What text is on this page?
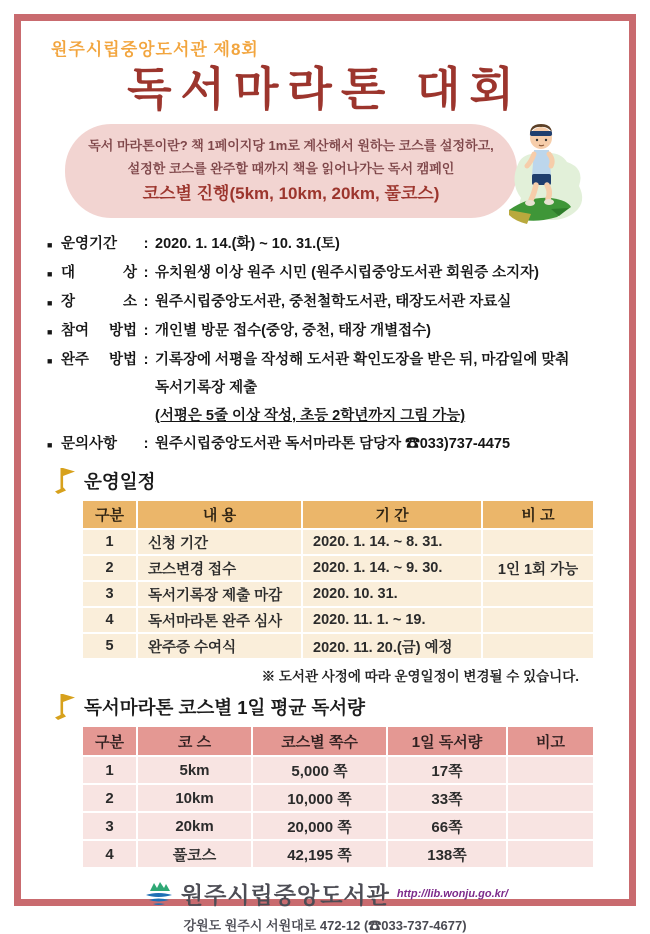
원주시립중앙도서관 제8회
독서마라톤 대회
독서 마라톤이란? 책 1페이지당 1m로 계산해서 원하는 코스를 설정하고,
설정한 코스를 완주할 때까지 책을 읽어나가는 독서 캠페인
코스별 진행(5km, 10km, 20km, 풀코스)
■ 운영기간	: 2020. 1. 14.(화) ~ 10. 31.(토)
■ 대 상 : 유치원생 이상 원주 시민 (원주시립중앙도서관 회원증 소지자)
■ 장 소 : 원주시립중앙도서관, 중천철학도서관, 태장도서관 자료실
■ 참여 방법 : 개인별 방문 접수(중앙, 중천, 태장 개별접수)
■ 완주 방법 : 기록장에 서평을 작성해 도서관 확인도장을 받은 뒤, 마감일에 맞춰
독서기록장 제출
(서평은 5줄 이상 작성, 초등 2학년까지 그림 가능)
■ 문의사항	: 원주시립중앙도서관 독서마라톤 담당자 ☎033)737-4475
운영일정
구분	내 용	기 간	비 고
1	신청 기간	2020. 1. 14. ~ 8. 31.	
2	코스변경 접수	2020. 1. 14. ~ 9. 30.	1인 1회 가능
3	독서기록장 제출 마감	2020. 10. 31.	
4	독서마라톤 완주 심사	2020. 11. 1. ~ 19.	
5	완주증 수여식	2020. 11. 20.(금) 예정	
※ 도서관 사정에 따라 운영일정이 변경될 수 있습니다.
독서마라톤 코스별 1일 평균 독서량
구분	코 스	코스별 쪽수	1일 독서량	비고
1	5km	5,000 쪽	17쪽	
2	10km	10,000 쪽	33쪽	
3	20km	20,000 쪽	66쪽	
4	풀코스	42,195 쪽	138쪽	
원주시립중앙도서관 http://lib.wonju.go.kr/
강원도 원주시 서원대로 472-12 (☎033-737-4677)
